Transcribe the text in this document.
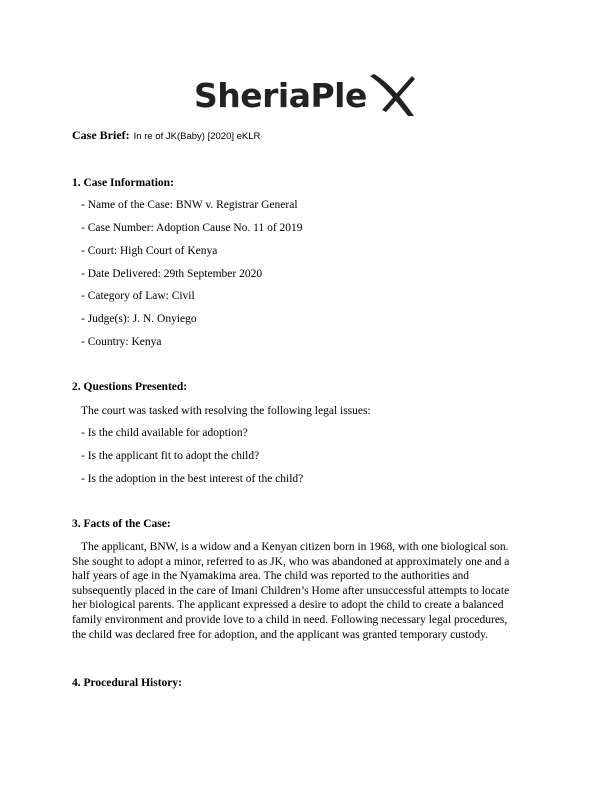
SheriaPle
Case Brief: In re of JK(Baby) [2020] eKLR
1. Case Information:
- Name of the Case: BNW v. Registrar General
- Case Number: Adoption Cause No. 11 of 2019
- Court: High Court of Kenya
- Date Delivered: 29th September 2020
- Category of Law: Civil
- Judge(s): J. N. Onyiego
- Country: Kenya
2. Questions Presented:
The court was tasked with resolving the following legal issues:
- Is the child available for adoption?
- Is the applicant fit to adopt the child?
- Is the adoption in the best interest of the child?
3. Facts of the Case:
The applicant, BNW, is a widow and a Kenyan citizen born in 1968, with one biological son.
She sought to adopt a minor, referred to as JK, who was abandoned at approximately one and a
half years of age in the Nyamakima area. The child was reported to the authorities and
subsequently placed in the care of Imani Children’s Home after unsuccessful attempts to locate
her biological parents. The applicant expressed a desire to adopt the child to create a balanced
family environment and provide love to a child in need. Following necessary legal procedures,
the child was declared free for adoption, and the applicant was granted temporary custody.
4. Procedural History:
